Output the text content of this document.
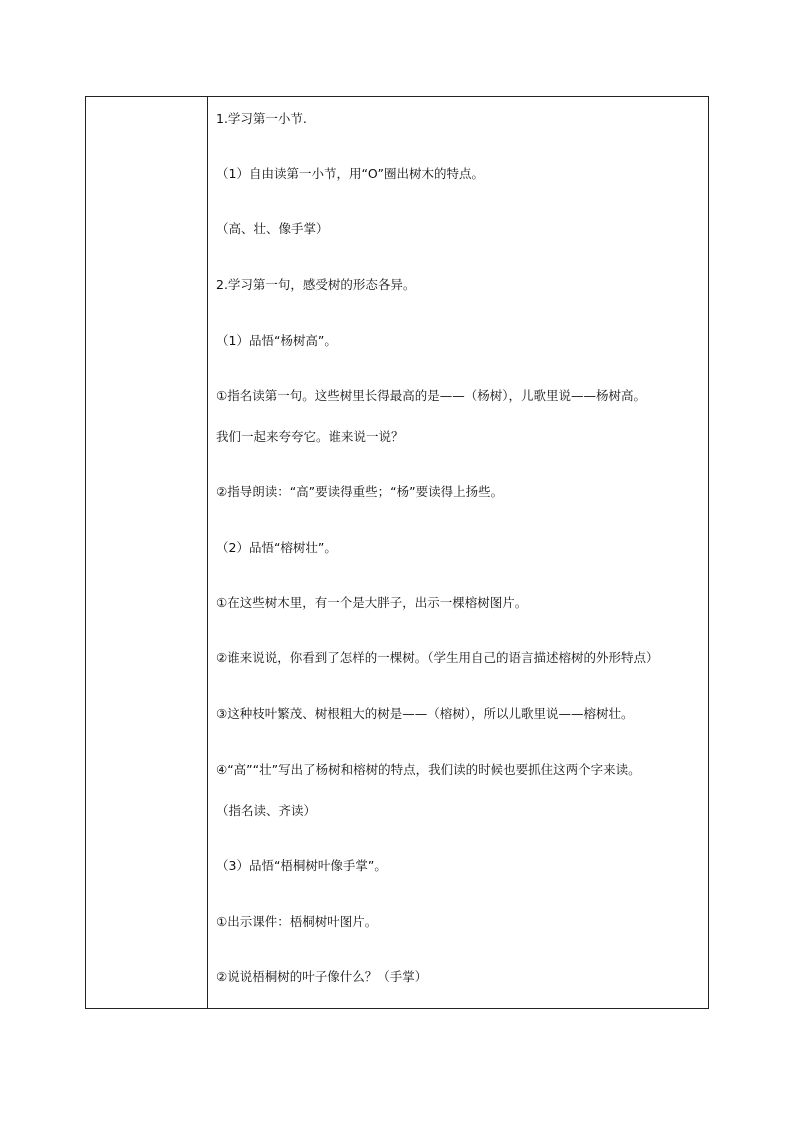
1.学习第一小节.
（1）自由读第一小节，用“O”圈出树木的特点。
（高、壮、像手掌）
2.学习第一句，感受树的形态各异。
（1）品悟“杨树高”。
①指名读第一句。这些树里长得最高的是——（杨树），儿歌里说——杨树高。
我们一起来夸夸它。谁来说一说？
②指导朗读：“高”要读得重些；“杨”要读得上扬些。
（2）品悟“榕树壮”。
①在这些树木里，有一个是大胖子，出示一棵榕树图片。
②谁来说说，你看到了怎样的一棵树。（学生用自己的语言描述榕树的外形特点）
③这种枝叶繁茂、树根粗大的树是——（榕树），所以儿歌里说——榕树壮。
④“高”“壮”写出了杨树和榕树的特点，我们读的时候也要抓住这两个字来读。
（指名读、齐读）
（3）品悟“梧桐树叶像手掌”。
①出示课件：梧桐树叶图片。
②说说梧桐树的叶子像什么？（手掌）
